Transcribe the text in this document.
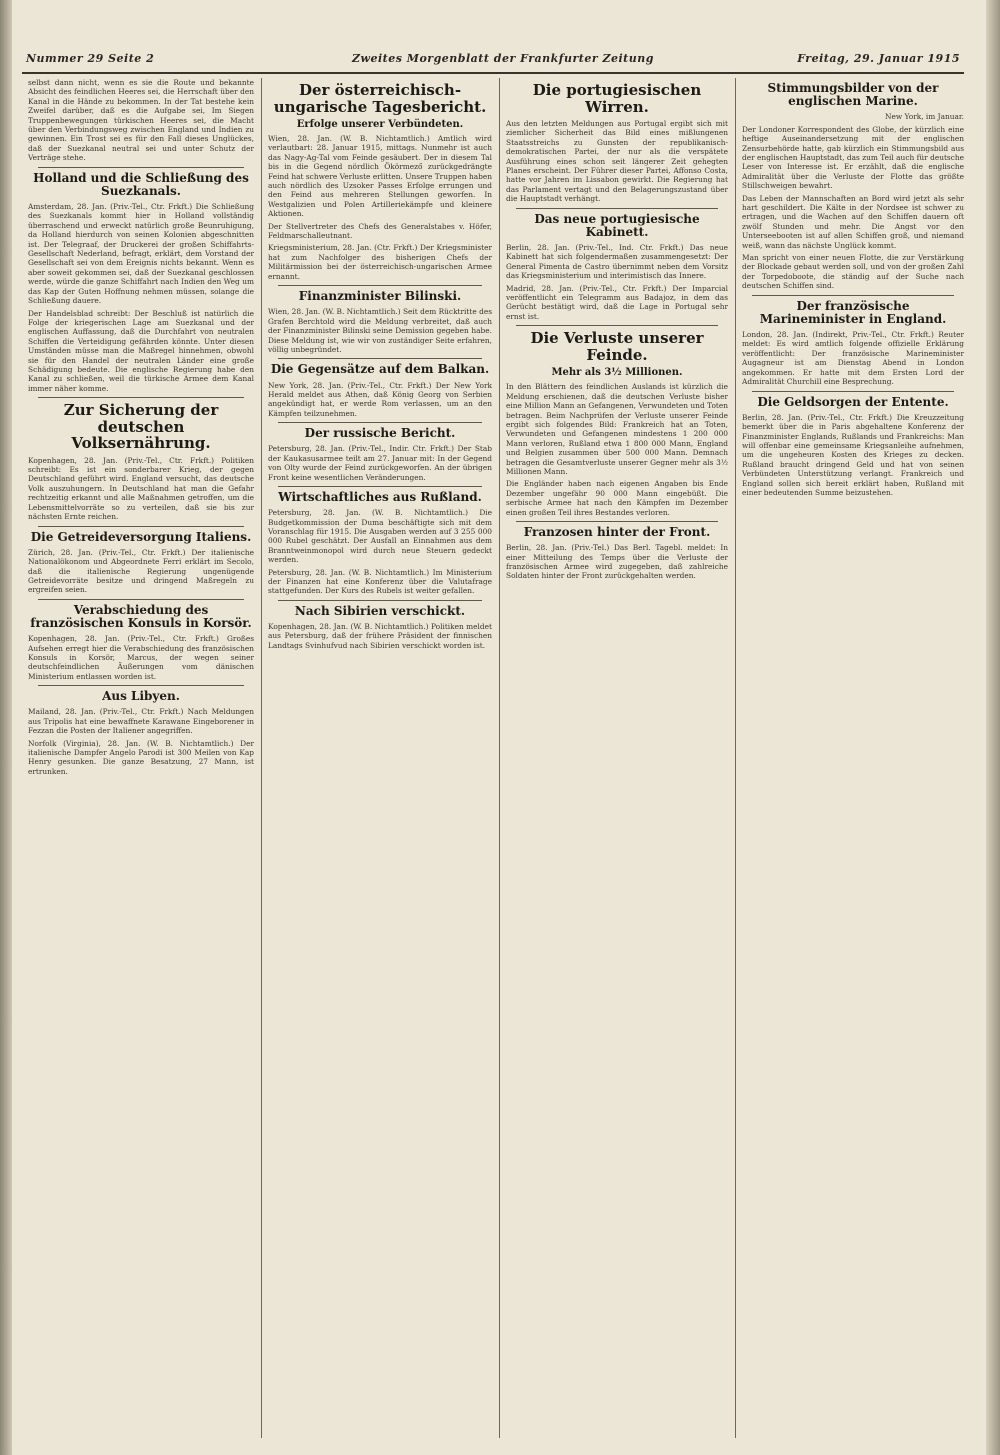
Nummer 29 Seite 2	Zweites Morgenblatt der Frankfurter Zeitung	Freitag, 29. Januar 1915

selbst dann nicht, wenn es sie die Route und bekannte Absicht des feindlichen Heeres sei, die Herrschaft über den Kanal in die Hände zu bekommen. In der Tat bestehe kein Zweifel darüber, daß es die Aufgabe sei, Im Siegen Truppenbewegungen türkischen Heeres sei, die Macht über den Verbindungsweg zwischen England und Indien zu gewinnen. Ein Trost sei es für den Fall dieses Unglückes, daß der Suezkanal neutral sei und unter Schutz der Verträge stehe.

Holland und die Schließung des Suezkanals.

Amsterdam, 28. Jan. (Priv.-Tel., Ctr. Frkft.) Die Schließung des Suezkanals kommt hier in Holland vollständig überraschend und erweckt natürlich große Beunruhigung, da Holland hierdurch von seinen Kolonien abgeschnitten ist. Der Telegraaf, der Druckerei der großen Schiffahrts-Gesellschaft Nederland, befragt, erklärt, dem Vorstand der Gesellschaft sei von dem Ereignis nichts bekannt. Wenn es aber soweit gekommen sei, daß der Suezkanal geschlossen werde, würde die ganze Schiffahrt nach Indien den Weg um das Kap der Guten Hoffnung nehmen müssen, solange die Schließung dauere.

Der Handelsblad schreibt: Der Beschluß ist natürlich die Folge der kriegerischen Lage am Suezkanal und der englischen Auffassung, daß die Durchfahrt von neutralen Schiffen die Verteidigung gefährden könnte. Unter diesen Umständen müsse man die Maßregel hinnehmen, obwohl sie für den Handel der neutralen Länder eine große Schädigung bedeute. Die englische Regierung habe den Kanal zu schließen, weil die türkische Armee dem Kanal immer näher komme.

Zur Sicherung der deutschen Volksernährung.

Kopenhagen, 28. Jan. (Priv.-Tel., Ctr. Frkft.) Politiken schreibt: Es ist ein sonderbarer Krieg, der gegen Deutschland geführt wird. England versucht, das deutsche Volk auszuhungern. In Deutschland hat man die Gefahr rechtzeitig erkannt und alle Maßnahmen getroffen, um die Lebensmittelvorräte so zu verteilen, daß sie bis zur nächsten Ernte reichen.

Die Getreideversorgung Italiens.

Zürich, 28. Jan. (Priv.-Tel., Ctr. Frkft.) Der italienische Nationalökonom und Abgeordnete Ferri erklärt im Secolo, daß die italienische Regierung ungenügende Getreidevorräte besitze und dringend Maßregeln zu ergreifen seien.

Verabschiedung des französischen Konsuls in Korsör.

Kopenhagen, 28. Jan. (Priv.-Tel., Ctr. Frkft.) Großes Aufsehen erregt hier die Verabschiedung des französischen Konsuls in Korsör, Marcus, der wegen seiner deutschfeindlichen Äußerungen vom dänischen Ministerium entlassen worden ist.

Aus Libyen.

Mailand, 28. Jan. (Priv.-Tel., Ctr. Frkft.) Nach Meldungen aus Tripolis hat eine bewaffnete Karawane Eingeborener in Fezzan die Posten der Italiener angegriffen.

Norfolk (Virginia), 28. Jan. (W. B. Nichtamtlich.) Der italienische Dampfer Angelo Parodi ist 300 Meilen von Kap Henry gesunken. Die ganze Besatzung, 27 Mann, ist ertrunken.

Der österreichisch-ungarische Tagesbericht.
Erfolge unserer Verbündeten.

Wien, 28. Jan. (W. B. Nichtamtlich.) Amtlich wird verlautbart: 28. Januar 1915, mittags. Nunmehr ist auch das Nagy-Ag-Tal vom Feinde gesäubert. Der in diesem Tal bis in die Gegend nördlich Ökörmező zurückgedrängte Feind hat schwere Verluste erlitten. Unsere Truppen haben auch nördlich des Uzsoker Passes Erfolge errungen und den Feind aus mehreren Stellungen geworfen. In Westgalizien und Polen Artilleriekämpfe und kleinere Aktionen.

Der Stellvertreter des Chefs des Generalstabes v. Höfer, Feldmarschalleutnant.

Kriegsministerium, 28. Jan. (Ctr. Frkft.) Der Kriegsminister hat zum Nachfolger des bisherigen Chefs der Militärmission bei der österreichisch-ungarischen Armee ernannt.

Finanzminister Bilinski.

Wien, 28. Jan. (W. B. Nichtamtlich.) Seit dem Rücktritte des Grafen Berchtold wird die Meldung verbreitet, daß auch der Finanzminister Bilinski seine Demission gegeben habe. Diese Meldung ist, wie wir von zuständiger Seite erfahren, völlig unbegründet.

Die Gegensätze auf dem Balkan.

New York, 28. Jan. (Priv.-Tel., Ctr. Frkft.) Der New York Herald meldet aus Athen, daß König Georg von Serbien angekündigt hat, er werde Rom verlassen, um an den Kämpfen teilzunehmen.

Der russische Bericht.

Petersburg, 28. Jan. (Priv.-Tel., Indir. Ctr. Frkft.) Der Stab der Kaukasusarmee teilt am 27. Januar mit: In der Gegend von Olty wurde der Feind zurückgeworfen. An der übrigen Front keine wesentlichen Veränderungen.

Wirtschaftliches aus Rußland.

Petersburg, 28. Jan. (W. B. Nichtamtlich.) Die Budgetkommission der Duma beschäftigte sich mit dem Voranschlag für 1915. Die Ausgaben werden auf 3 255 000 000 Rubel geschätzt. Der Ausfall an Einnahmen aus dem Branntweinmonopol wird durch neue Steuern gedeckt werden.

Petersburg, 28. Jan. (W. B. Nichtamtlich.) Im Ministerium der Finanzen hat eine Konferenz über die Valutafrage stattgefunden. Der Kurs des Rubels ist weiter gefallen.

Nach Sibirien verschickt.

Kopenhagen, 28. Jan. (W. B. Nichtamtlich.) Politiken meldet aus Petersburg, daß der frühere Präsident der finnischen Landtags Svinhufvud nach Sibirien verschickt worden ist.

Die portugiesischen Wirren.

Aus den letzten Meldungen aus Portugal ergibt sich mit ziemlicher Sicherheit das Bild eines mißlungenen Staatsstreichs zu Gunsten der republikanisch-demokratischen Partei, der nur als die verspätete Ausführung eines schon seit längerer Zeit gehegten Planes erscheint. Der Führer dieser Partei, Affonso Costa, hatte vor Jahren im Lissabon gewirkt. Die Regierung hat das Parlament vertagt und den Belagerungszustand über die Hauptstadt verhängt.

Das neue portugiesische Kabinett.

Berlin, 28. Jan. (Priv.-Tel., Ind. Ctr. Frkft.) Das neue Kabinett hat sich folgendermaßen zusammengesetzt: Der General Pimenta de Castro übernimmt neben dem Vorsitz das Kriegsministerium und interimistisch das Innere.

Madrid, 28. Jan. (Priv.-Tel., Ctr. Frkft.) Der Imparcial veröffentlicht ein Telegramm aus Badajoz, in dem das Gerücht bestätigt wird, daß die Lage in Portugal sehr ernst ist.

Die Verluste unserer Feinde.
Mehr als 3½ Millionen.

In den Blättern des feindlichen Auslands ist kürzlich die Meldung erschienen, daß die deutschen Verluste bisher eine Million Mann an Gefangenen, Verwundeten und Toten betragen. Beim Nachprüfen der Verluste unserer Feinde ergibt sich folgendes Bild: Frankreich hat an Toten, Verwundeten und Gefangenen mindestens 1 200 000 Mann verloren, Rußland etwa 1 800 000 Mann, England und Belgien zusammen über 500 000 Mann. Demnach betragen die Gesamtverluste unserer Gegner mehr als 3½ Millionen Mann.

Die Engländer haben nach eigenen Angaben bis Ende Dezember ungefähr 90 000 Mann eingebüßt. Die serbische Armee hat nach den Kämpfen im Dezember einen großen Teil ihres Bestandes verloren.

Franzosen hinter der Front.

Berlin, 28. Jan. (Priv.-Tel.) Das Berl. Tagebl. meldet: In einer Mitteilung des Temps über die Verluste der französischen Armee wird zugegeben, daß zahlreiche Soldaten hinter der Front zurückgehalten werden.

Stimmungsbilder von der englischen Marine.

New York, im Januar.

Der Londoner Korrespondent des Globe, der kürzlich eine heftige Auseinandersetzung mit der englischen Zensurbehörde hatte, gab kürzlich ein Stimmungsbild aus der englischen Hauptstadt, das zum Teil auch für deutsche Leser von Interesse ist. Er erzählt, daß die englische Admiralität über die Verluste der Flotte das größte Stillschweigen bewahrt.

Das Leben der Mannschaften an Bord wird jetzt als sehr hart geschildert. Die Kälte in der Nordsee ist schwer zu ertragen, und die Wachen auf den Schiffen dauern oft zwölf Stunden und mehr. Die Angst vor den Unterseebooten ist auf allen Schiffen groß, und niemand weiß, wann das nächste Unglück kommt.

Man spricht von einer neuen Flotte, die zur Verstärkung der Blockade gebaut werden soll, und von der großen Zahl der Torpedoboote, die ständig auf der Suche nach deutschen Schiffen sind.

Der französische Marineminister in England.

London, 28. Jan. (Indirekt, Priv.-Tel., Ctr. Frkft.) Reuter meldet: Es wird amtlich folgende offizielle Erklärung veröffentlicht: Der französische Marineminister Augagneur ist am Dienstag Abend in London angekommen. Er hatte mit dem Ersten Lord der Admiralität Churchill eine Besprechung.

Die Geldsorgen der Entente.

Berlin, 28. Jan. (Priv.-Tel., Ctr. Frkft.) Die Kreuzzeitung bemerkt über die in Paris abgehaltene Konferenz der Finanzminister Englands, Rußlands und Frankreichs: Man will offenbar eine gemeinsame Kriegsanleihe aufnehmen, um die ungeheuren Kosten des Krieges zu decken. Rußland braucht dringend Geld und hat von seinen Verbündeten Unterstützung verlangt. Frankreich und England sollen sich bereit erklärt haben, Rußland mit einer bedeutenden Summe beizustehen.
